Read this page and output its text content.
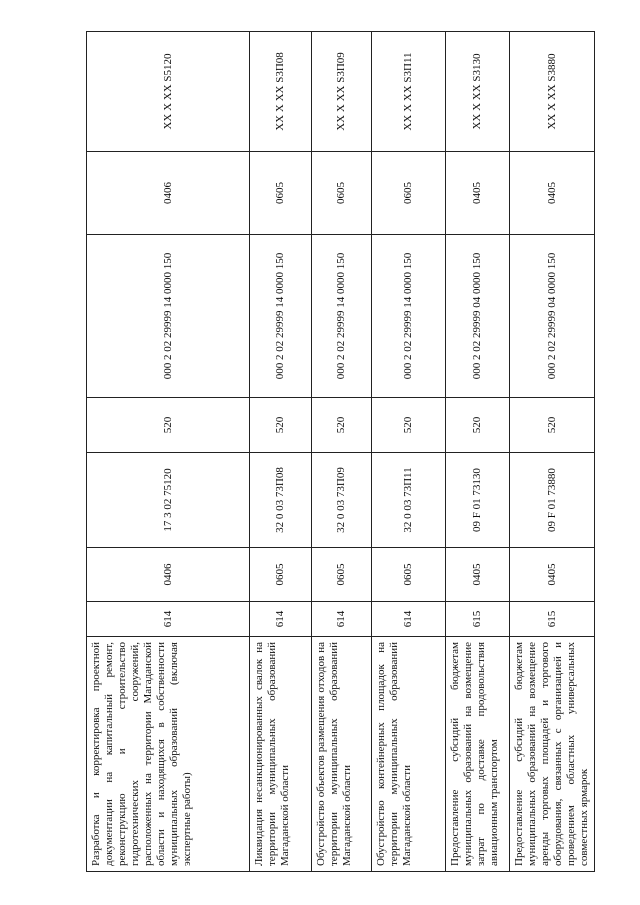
Разработка и корректировка проектной документации на капитальный ремонт, реконструкцию и строительство гидротехнических сооружений, расположенных на территории Магаданской области и находящихся в собственности муниципальных образований (включая экспертные работы)	614	0406	17 3 02 75120	520	000 2 02 29999 14 0000 150	0406	XX X XX S5120
Ликвидация несанкционированных свалок на территории муниципальных образований Магаданской области	614	0605	32 0 03 73П08	520	000 2 02 29999 14 0000 150	0605	XX X XX S3П08
Обустройство объектов размещения отходов на территории муниципальных образований Магаданской области	614	0605	32 0 03 73П09	520	000 2 02 29999 14 0000 150	0605	XX X XX S3П09
Обустройство контейнерных площадок на территории муниципальных образований Магаданской области	614	0605	32 0 03 73П11	520	000 2 02 29999 14 0000 150	0605	XX X XX S3П11
Предоставление субсидий бюджетам муниципальных образований на возмещение затрат по доставке продовольствия авиационным транспортом	615	0405	09 F 01 73130	520	000 2 02 29999 04 0000 150	0405	XX X XX S3130
Предоставление субсидий бюджетам муниципальных образований на возмещение аренды торговых площадей и торгового оборудования, связанных с организацией и проведением областных универсальных совместных ярмарок	615	0405	09 F 01 73880	520	000 2 02 29999 04 0000 150	0405	XX X XX S3880
